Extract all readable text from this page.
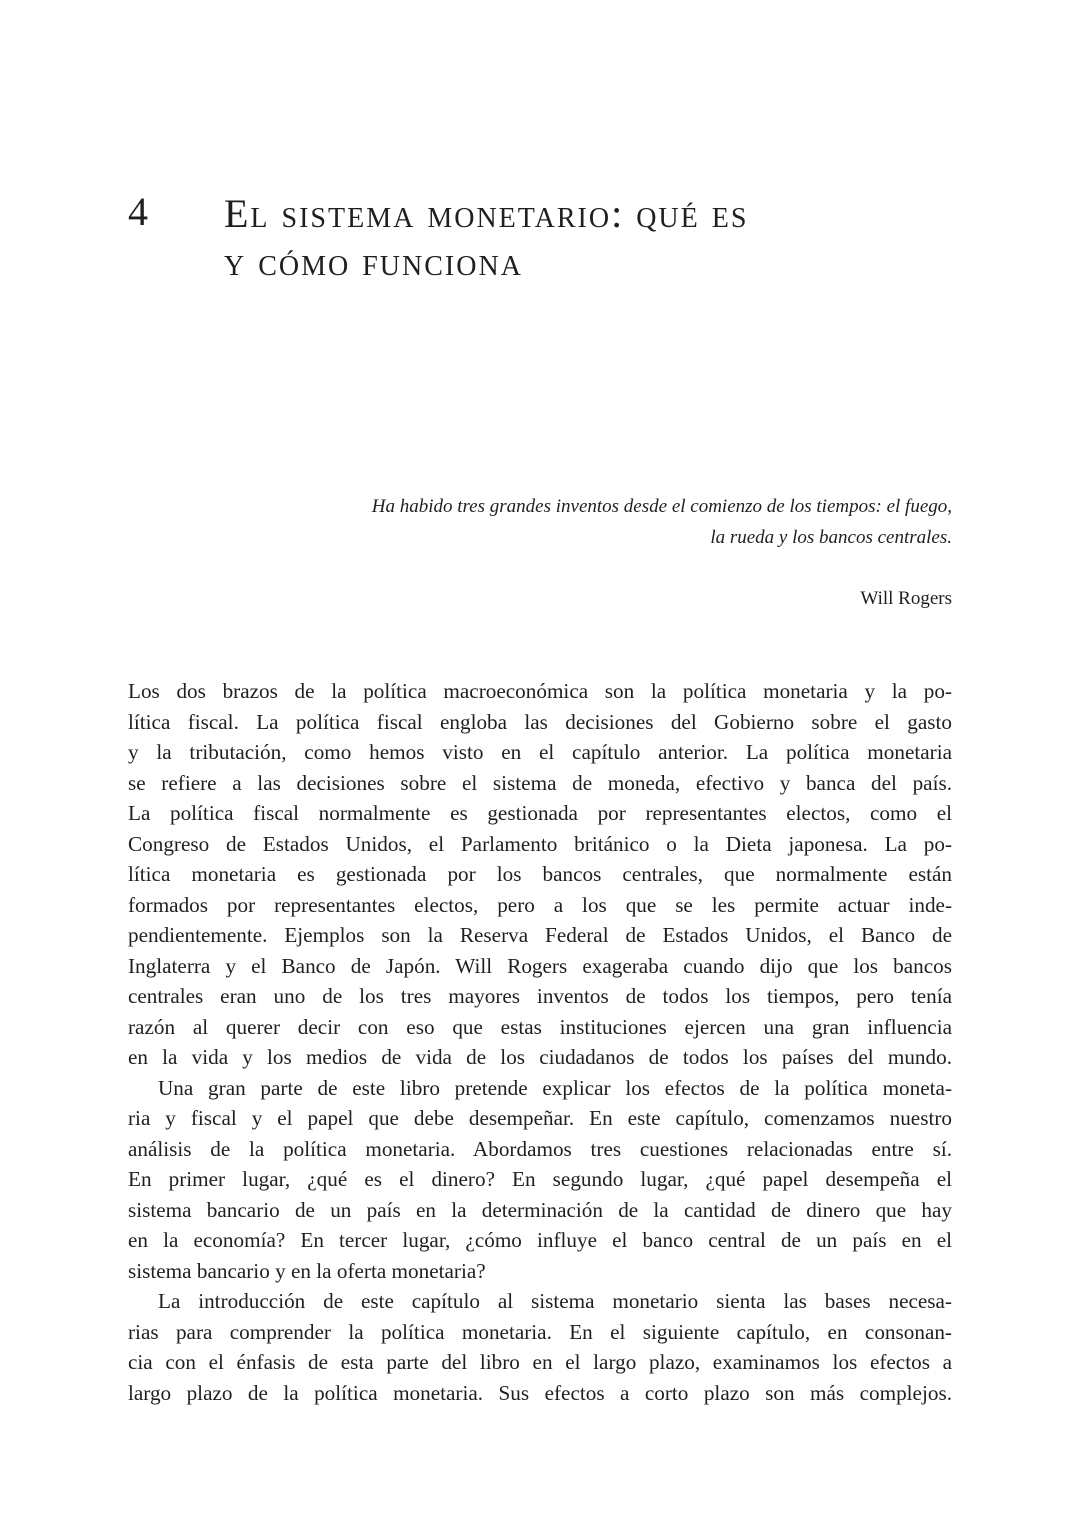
4 El sistema monetario: qué es
y cómo funciona
Ha habido tres grandes inventos desde el comienzo de los tiempos: el fuego,
la rueda y los bancos centrales.
Will Rogers
Los dos brazos de la política macroeconómica son la política monetaria y la po-
lítica fiscal. La política fiscal engloba las decisiones del Gobierno sobre el gasto
y la tributación, como hemos visto en el capítulo anterior. La política monetaria
se refiere a las decisiones sobre el sistema de moneda, efectivo y banca del país.
La política fiscal normalmente es gestionada por representantes electos, como el
Congreso de Estados Unidos, el Parlamento británico o la Dieta japonesa. La po-
lítica monetaria es gestionada por los bancos centrales, que normalmente están
formados por representantes electos, pero a los que se les permite actuar inde-
pendientemente. Ejemplos son la Reserva Federal de Estados Unidos, el Banco de
Inglaterra y el Banco de Japón. Will Rogers exageraba cuando dijo que los bancos
centrales eran uno de los tres mayores inventos de todos los tiempos, pero tenía
razón al querer decir con eso que estas instituciones ejercen una gran influencia
en la vida y los medios de vida de los ciudadanos de todos los países del mundo.
Una gran parte de este libro pretende explicar los efectos de la política moneta-
ria y fiscal y el papel que debe desempeñar. En este capítulo, comenzamos nuestro
análisis de la política monetaria. Abordamos tres cuestiones relacionadas entre sí.
En primer lugar, ¿qué es el dinero? En segundo lugar, ¿qué papel desempeña el
sistema bancario de un país en la determinación de la cantidad de dinero que hay
en la economía? En tercer lugar, ¿cómo influye el banco central de un país en el
sistema bancario y en la oferta monetaria?
La introducción de este capítulo al sistema monetario sienta las bases necesa-
rias para comprender la política monetaria. En el siguiente capítulo, en consonan-
cia con el énfasis de esta parte del libro en el largo plazo, examinamos los efectos a
largo plazo de la política monetaria. Sus efectos a corto plazo son más complejos.
